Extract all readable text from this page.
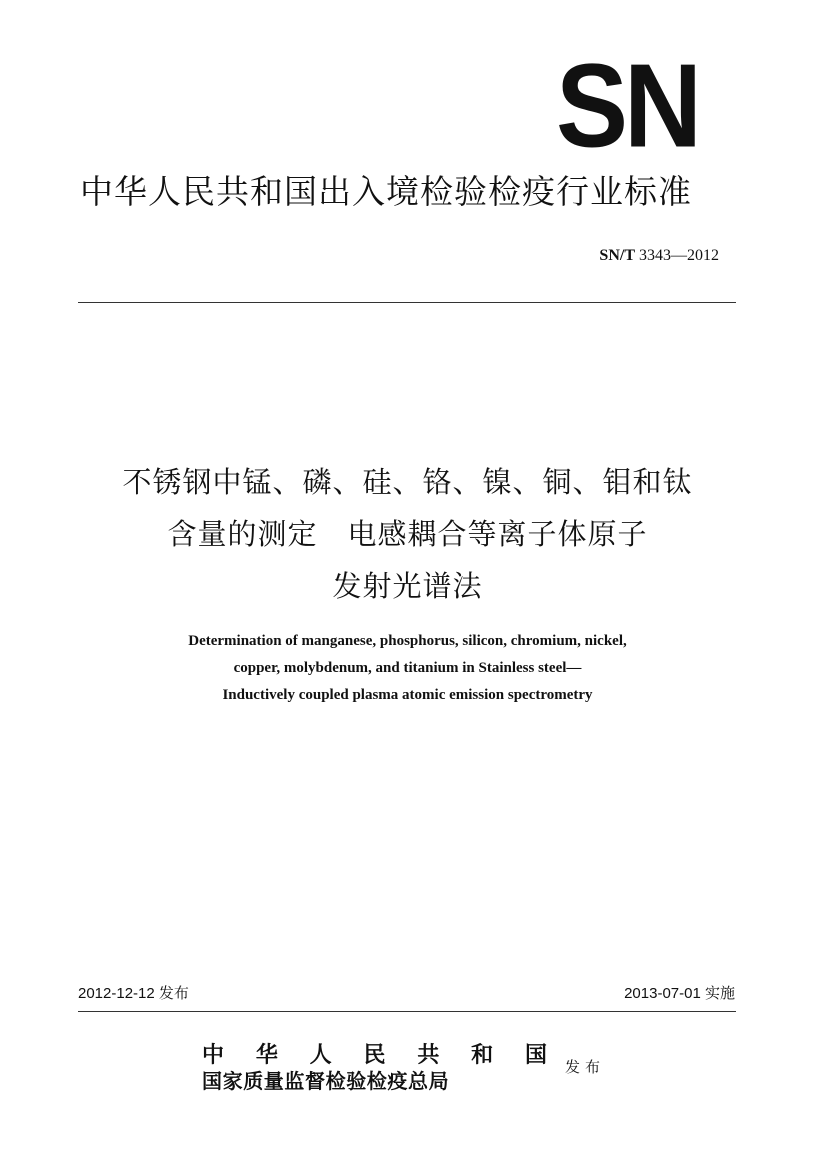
SN
中华人民共和国出入境检验检疫行业标准
SN/T 3343—2012
不锈钢中锰、磷、硅、铬、镍、铜、钼和钛
含量的测定　电感耦合等离子体原子
发射光谱法
Determination of manganese, phosphorus, silicon, chromium, nickel,
copper, molybdenum, and titanium in Stainless steel—
Inductively coupled plasma atomic emission spectrometry
2012-12-12 发布	2013-07-01 实施
中 华 人 民 共 和 国
国家质量监督检验检疫总局
发布
